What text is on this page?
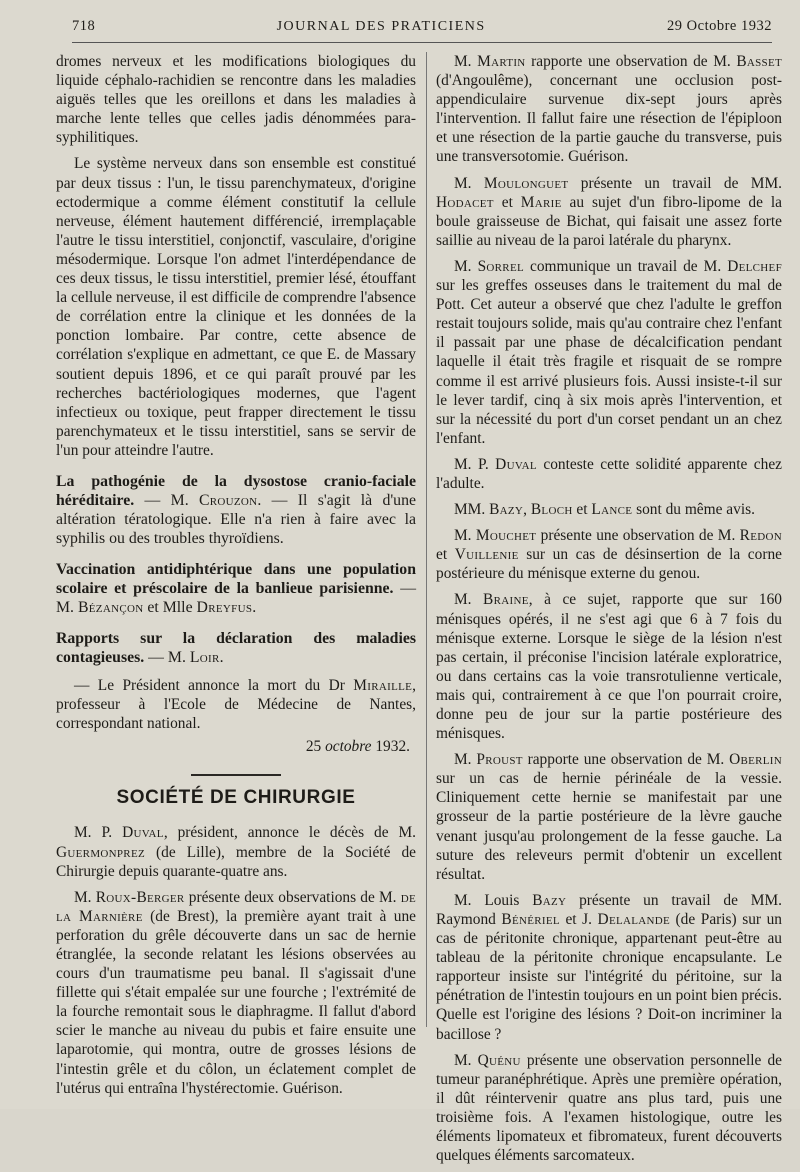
718	JOURNAL DES PRATICIENS	29 Octobre 1932

dromes nerveux et les modifications biologiques du liquide céphalo-rachidien se rencontre dans les maladies aiguës telles que les oreillons et dans les maladies à marche lente telles que celles jadis dénommées para-syphilitiques.

Le système nerveux dans son ensemble est constitué par deux tissus : l'un, le tissu parenchymateux, d'origine ectodermique a comme élément constitutif la cellule nerveuse, élément hautement différencié, irremplaçable l'autre le tissu interstitiel, conjonctif, vasculaire, d'origine mésodermique. Lorsque l'on admet l'interdépendance de ces deux tissus, le tissu interstitiel, premier lésé, étouffant la cellule nerveuse, il est difficile de comprendre l'absence de corrélation entre la clinique et les données de la ponction lombaire. Par contre, cette absence de corrélation s'explique en admettant, ce que E. de Massary soutient depuis 1896, et ce qui paraît prouvé par les recherches bactériologiques modernes, que l'agent infectieux ou toxique, peut frapper directement le tissu parenchymateux et le tissu interstitiel, sans se servir de l'un pour atteindre l'autre.

La pathogénie de la dysostose cranio-faciale héréditaire. — M. Crouzon. — Il s'agit là d'une altération tératologique. Elle n'a rien à faire avec la syphilis ou des troubles thyroïdiens.
Vaccination antidiphtérique dans une population scolaire et préscolaire de la banlieue parisienne. — M. Bézançon et Mlle Dreyfus.
Rapports sur la déclaration des maladies contagieuses. — M. Loir.

— Le Président annonce la mort du Dr Miraille, professeur à l'Ecole de Médecine de Nantes, correspondant national.

25 octobre 1932.

SOCIÉTÉ DE CHIRURGIE

M. P. Duval, président, annonce le décès de M. Guermonprez (de Lille), membre de la Société de Chirurgie depuis quarante-quatre ans.

M. Roux-Berger présente deux observations de M. de la Marnière (de Brest), la première ayant trait à une perforation du grêle découverte dans un sac de hernie étranglée, la seconde relatant les lésions observées au cours d'un traumatisme peu banal. Il s'agissait d'une fillette qui s'était empalée sur une fourche ; l'extrémité de la fourche remontait sous le diaphragme. Il fallut d'abord scier le manche au niveau du pubis et faire ensuite une laparotomie, qui montra, outre de grosses lésions de l'intestin grêle et du côlon, un éclatement complet de l'utérus qui entraîna l'hystérectomie. Guérison.

M. Martin rapporte une observation de M. Basset (d'Angoulême), concernant une occlusion post-appendiculaire survenue dix-sept jours après l'intervention. Il fallut faire une résection de l'épiploon et une résection de la partie gauche du transverse, puis une transversotomie. Guérison.

M. Moulonguet présente un travail de MM. Hodacet et Marie au sujet d'un fibro-lipome de la boule graisseuse de Bichat, qui faisait une assez forte saillie au niveau de la paroi latérale du pharynx.

M. Sorrel communique un travail de M. Delchef sur les greffes osseuses dans le traitement du mal de Pott. Cet auteur a observé que chez l'adulte le greffon restait toujours solide, mais qu'au contraire chez l'enfant il passait par une phase de décalcification pendant laquelle il était très fragile et risquait de se rompre comme il est arrivé plusieurs fois. Aussi insiste-t-il sur le lever tardif, cinq à six mois après l'intervention, et sur la nécessité du port d'un corset pendant un an chez l'enfant.

M. P. Duval conteste cette solidité apparente chez l'adulte.

MM. Bazy, Bloch et Lance sont du même avis.

M. Mouchet présente une observation de M. Redon et Vuillenie sur un cas de désinsertion de la corne postérieure du ménisque externe du genou.

M. Braine, à ce sujet, rapporte que sur 160 ménisques opérés, il ne s'est agi que 6 à 7 fois du ménisque externe. Lorsque le siège de la lésion n'est pas certain, il préconise l'incision latérale exploratrice, ou dans certains cas la voie transrotulienne verticale, mais qui, contrairement à ce que l'on pourrait croire, donne peu de jour sur la partie postérieure des ménisques.

M. Proust rapporte une observation de M. Oberlin sur un cas de hernie périnéale de la vessie. Cliniquement cette hernie se manifestait par une grosseur de la partie postérieure de la lèvre gauche venant jusqu'au prolongement de la fesse gauche. La suture des releveurs permit d'obtenir un excellent résultat.

M. Louis Bazy présente un travail de MM. Raymond Bénériel et J. Delalande (de Paris) sur un cas de péritonite chronique, appartenant peut-être au tableau de la péritonite chronique encapsulante. Le rapporteur insiste sur l'intégrité du péritoine, sur la pénétration de l'intestin toujours en un point bien précis. Quelle est l'origine des lésions ? Doit-on incriminer la bacillose ?

M. Quénu présente une observation personnelle de tumeur paranéphrétique. Après une première opération, il dût réintervenir quatre ans plus tard, puis une troisième fois. A l'examen histologique, outre les éléments lipomateux et fibromateux, furent découverts quelques éléments sarcomateux.
